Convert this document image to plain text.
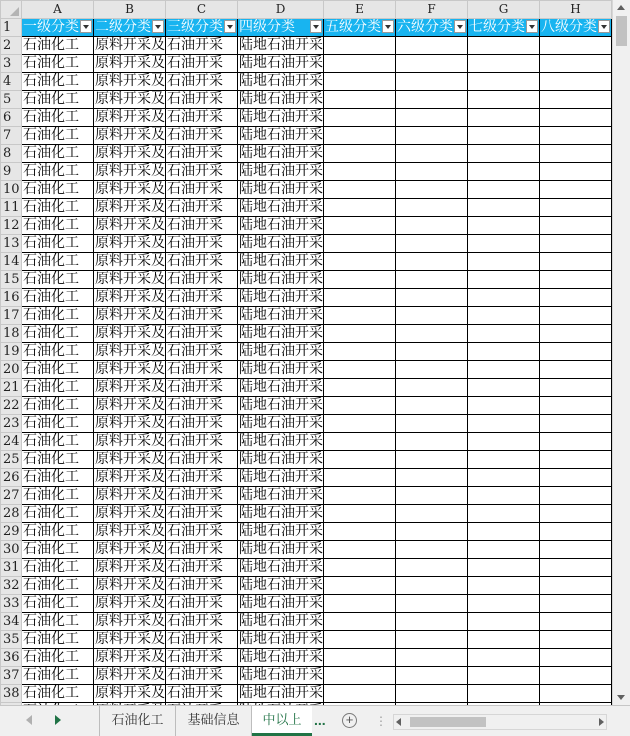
	A	B	C	D	E	F	G	H
1	一级分类	二级分类	三级分类	四级分类	五级分类	六级分类	七级分类	八级分类

2	石油化工	原料开采及	石油开采	陆地石油开采				
3	石油化工	原料开采及	石油开采	陆地石油开采				
4	石油化工	原料开采及	石油开采	陆地石油开采				
5	石油化工	原料开采及	石油开采	陆地石油开采				
6	石油化工	原料开采及	石油开采	陆地石油开采				
7	石油化工	原料开采及	石油开采	陆地石油开采				
8	石油化工	原料开采及	石油开采	陆地石油开采				
9	石油化工	原料开采及	石油开采	陆地石油开采				
10	石油化工	原料开采及	石油开采	陆地石油开采				
11	石油化工	原料开采及	石油开采	陆地石油开采				
12	石油化工	原料开采及	石油开采	陆地石油开采				
13	石油化工	原料开采及	石油开采	陆地石油开采				
14	石油化工	原料开采及	石油开采	陆地石油开采				
15	石油化工	原料开采及	石油开采	陆地石油开采				
16	石油化工	原料开采及	石油开采	陆地石油开采				
17	石油化工	原料开采及	石油开采	陆地石油开采				
18	石油化工	原料开采及	石油开采	陆地石油开采				
19	石油化工	原料开采及	石油开采	陆地石油开采				
20	石油化工	原料开采及	石油开采	陆地石油开采				
21	石油化工	原料开采及	石油开采	陆地石油开采				
22	石油化工	原料开采及	石油开采	陆地石油开采				
23	石油化工	原料开采及	石油开采	陆地石油开采				
24	石油化工	原料开采及	石油开采	陆地石油开采				
25	石油化工	原料开采及	石油开采	陆地石油开采				
26	石油化工	原料开采及	石油开采	陆地石油开采				
27	石油化工	原料开采及	石油开采	陆地石油开采				
28	石油化工	原料开采及	石油开采	陆地石油开采				
29	石油化工	原料开采及	石油开采	陆地石油开采				
30	石油化工	原料开采及	石油开采	陆地石油开采				
31	石油化工	原料开采及	石油开采	陆地石油开采				
32	石油化工	原料开采及	石油开采	陆地石油开采				
33	石油化工	原料开采及	石油开采	陆地石油开采				
34	石油化工	原料开采及	石油开采	陆地石油开采				
35	石油化工	原料开采及	石油开采	陆地石油开采				
36	石油化工	原料开采及	石油开采	陆地石油开采				
37	石油化工	原料开采及	石油开采	陆地石油开采				
38	石油化工	原料开采及	石油开采	陆地石油开采				

石油化工	基础信息	中以上 ... +	⋮
